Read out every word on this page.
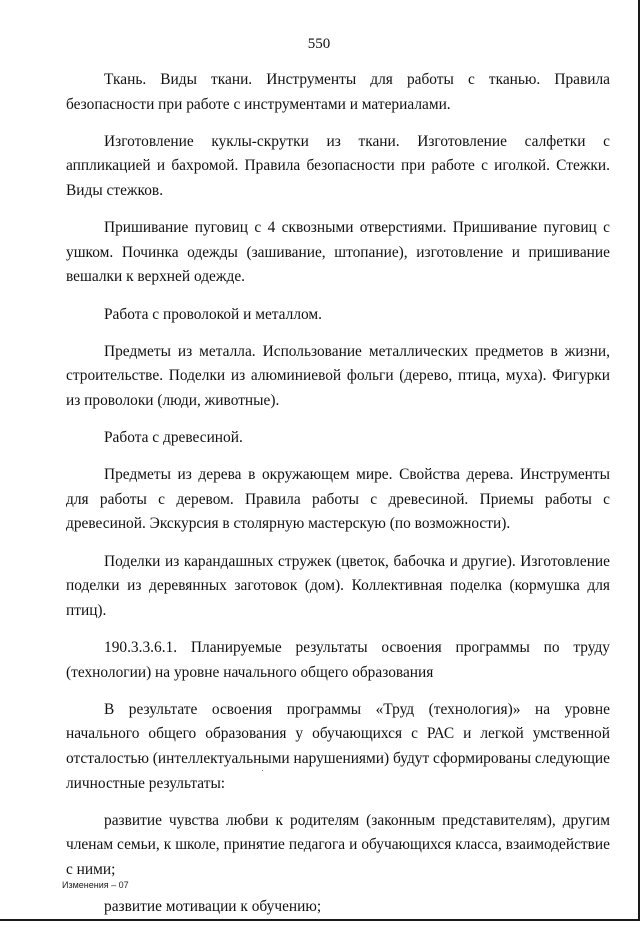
550

Ткань. Виды ткани. Инструменты для работы с тканью. Правила безопасности при работе с инструментами и материалами.

Изготовление куклы-скрутки из ткани. Изготовление салфетки с аппликацией и бахромой. Правила безопасности при работе с иголкой. Стежки. Виды стежков.

Пришивание пуговиц с 4 сквозными отверстиями. Пришивание пуговиц с ушком. Починка одежды (зашивание, штопание), изготовление и пришивание вешалки к верхней одежде.

Работа с проволокой и металлом.

Предметы из металла. Использование металлических предметов в жизни, строительстве. Поделки из алюминиевой фольги (дерево, птица, муха). Фигурки из проволоки (люди, животные).

Работа с древесиной.

Предметы из дерева в окружающем мире. Свойства дерева. Инструменты для работы с деревом. Правила работы с древесиной. Приемы работы с древесиной. Экскурсия в столярную мастерскую (по возможности).

Поделки из карандашных стружек (цветок, бабочка и другие). Изготовление поделки из деревянных заготовок (дом). Коллективная поделка (кормушка для птиц).

190.3.3.6.1. Планируемые результаты освоения программы по труду (технологии) на уровне начального общего образования

В результате освоения программы «Труд (технология)» на уровне начального общего образования у обучающихся с РАС и легкой умственной отсталостью (интеллектуальными нарушениями) будут сформированы следующие личностные результаты:

развитие чувства любви к родителям (законным представителям), другим членам семьи, к школе, принятие педагога и обучающихся класса, взаимодействие с ними;

развитие мотивации к обучению;

Изменения – 07
